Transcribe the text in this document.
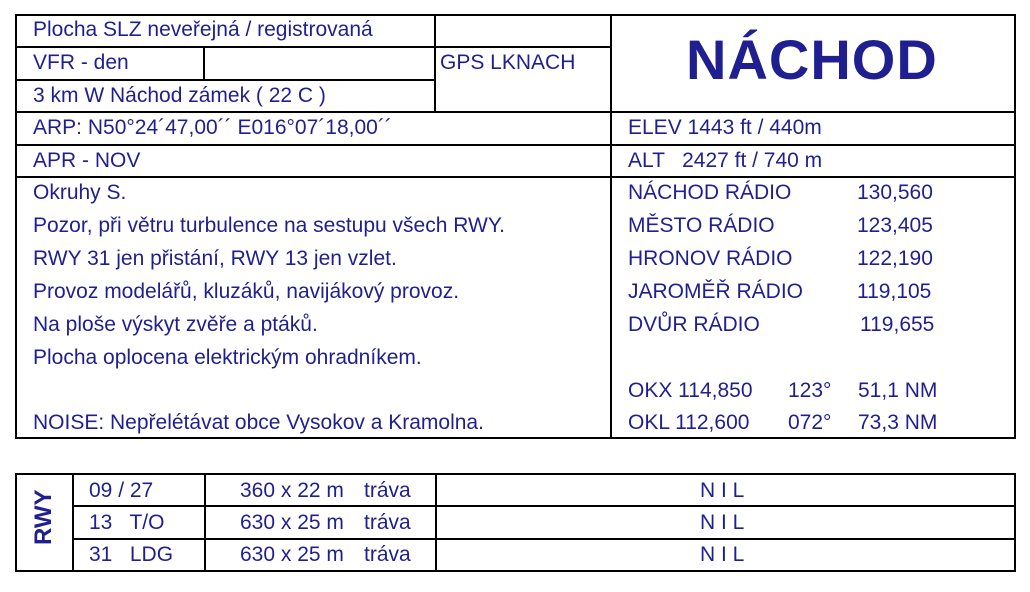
Plocha SLZ neveřejná / registrovaná
VFR - den	GPS LKNACH
3 km W Náchod zámek ( 22 C )
ARP: N50°24´47,00´´ E016°07´18,00´´
APR - NOV
NÁCHOD
ELEV 1443 ft / 440m
ALT   2427 ft / 740 m
Okruhy S.
Pozor, při větru turbulence na sestupu všech RWY.
RWY 31 jen přistání, RWY 13 jen vzlet.
Provoz modelářů, kluzáků, navijákový provoz.
Na ploše výskyt zvěře a ptáků.
Plocha oplocena elektrickým ohradníkem.
NOISE: Nepřelétávat obce Vysokov a Kramolna.
NÁCHOD RÁDIO	130,560
MĚSTO RÁDIO	123,405
HRONOV RÁDIO	122,190
JAROMĚŘ RÁDIO	119,105
DVŮR RÁDIO	119,655
OKX 114,850 123° 51,1 NM
OKL 112,600 072° 73,3 NM
RWY 09 / 27	360 x 22 m tráva	N I L
13   T/O	630 x 25 m tráva	N I L
31   LDG	630 x 25 m tráva	N I L
